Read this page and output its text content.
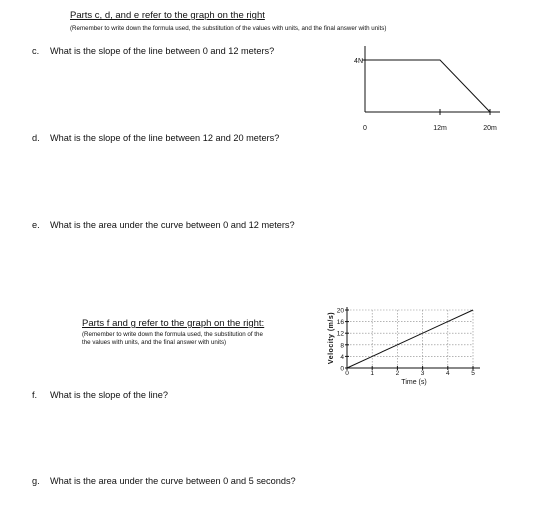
Parts c, d, and e refer to the graph on the right
(Remember to write down the formula used, the substitution of the values with units, and the final answer with units)
c. What is the slope of the line between 0 and 12 meters?
d. What is the slope of the line between 12 and 20 meters?
e. What is the area under the curve between 0 and 12 meters?
f. What is the slope of the line?
g. What is the area under the curve between 0 and 5 seconds?
Parts f and g refer to the graph on the right:
(Remember to write down the formula used, the substitution of the
the values with units, and the final answer with units)
0	12m	20m
4N
0
4
8
12
16
20
0	1	2	3	4	5
Time (s)
Velocity (m/s)
